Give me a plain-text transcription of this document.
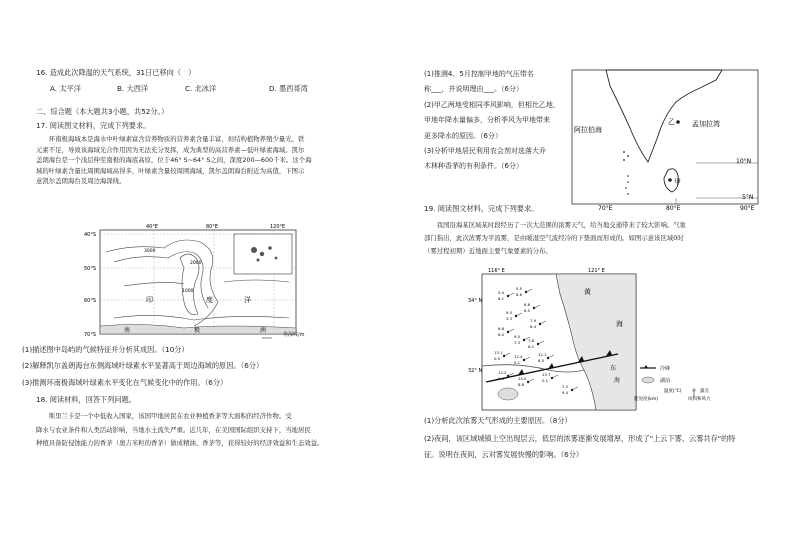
16. 造成此次降温的天气系统，31日已移向（　）
A. 太平洋	B. 大西洋	C. 北冰洋	D. 墨西哥湾
二、综合题（本大题共3小题，共52分。）
17. 阅读图文材料，完成下列要求。
　　环南极海域本是海水中叶绿素富含营养物质的营养素含量丰富，但结构植物养殖少量光、铁
元素不足，导致该海域光合作用因为无法充分发挥，成为典型的高营养素—低叶绿素海域。凯尔
盖朗海台是一个浅层伸至南极的海底高原，位于46° S~64° S之间，深度200—600千米。这个海
域的叶绿素含量比周围海域高得多，叶绿素含量较周围海域，凯尔盖朗海台附近为高值，下图示
意凯尔盖朗海台及周边海深线。
3000
2000
1000
40°S
50°S
60°S
70°S
40°E	80°E	120°E
印	度	洋
南	极	洲
等深线/m
(1)描述图中岛屿的气候特征并分析其成因。（10分）
(2)解释凯尔盖朗海台东侧海域叶绿素水平显著高于周边海域的原因。（6分）
(3)推测环南极海域叶绿素水平变化在气候变化中的作用。（6分）
18. 阅读材料，回答下列问题。
　　斯里兰卡是一个中低收入国家，该国甲地居民在农业种植香茅等大面积的经济作物。受
降水与农业条件和人类活动影响，当地水土流失严重。近几年，在美国国际组织支持下，当地居民
种植具备防侵蚀能力的香茅（奥吉米粒的香茅）做成精油、香茅等，获得较好的经济效益和生态效益。
(1)推测4、5月控制甲地的气压带名
称___，并说明理由___。（6分）
(2)甲乙两地受相同季风影响，但相比乙地，
甲地年降水量偏多，分析季风为甲地带来
更多降水的原因。（6分）
(3)分析甲地居民利用农会剂对选落大乔
木林种香茅的有利条件。（6分）
阿拉伯海
孟加拉湾
乙
甲
10°N
5°N
70°E	80°E	90°E
19. 阅读图文材料，完成下列要求。
　　我国沿海某区域某时段经历了一次大范围的浓雾天气，给当地交通带来了较大影响。气象
部门指出，此次浓雾为平流雾，是由暖湿空气流经冷的下垫面而形成的。如图示意该区域0时
（雾过程初期）近地面主要气象要素的分布。
5.4
6.1
5.5
6.6
6.8
6.5
9.5
3.3	7.9
6.4
6.8
6.0	9.5
7.3 7.8
6.1
13.1
0.5	12.4
0.1
12.1
8.5
13.2
0.4	14.0
8.6
13.7
0.1
7.2
9.4
116° E	121° E
34° N
32° N
黄
海
东
海
冷锋
湖泊
温度(℃)
能见度(km)
露点
风向和风力
(1)分析此次浓雾天气形成的主要原因。（8分）
(2)夜间，该区域城镇上空出现层云，低层的浓雾逐渐发展增厚，形成了"上云下雾、云雾共存"的特
征。说明在夜间，云对雾发展快慢的影响。（6分）
